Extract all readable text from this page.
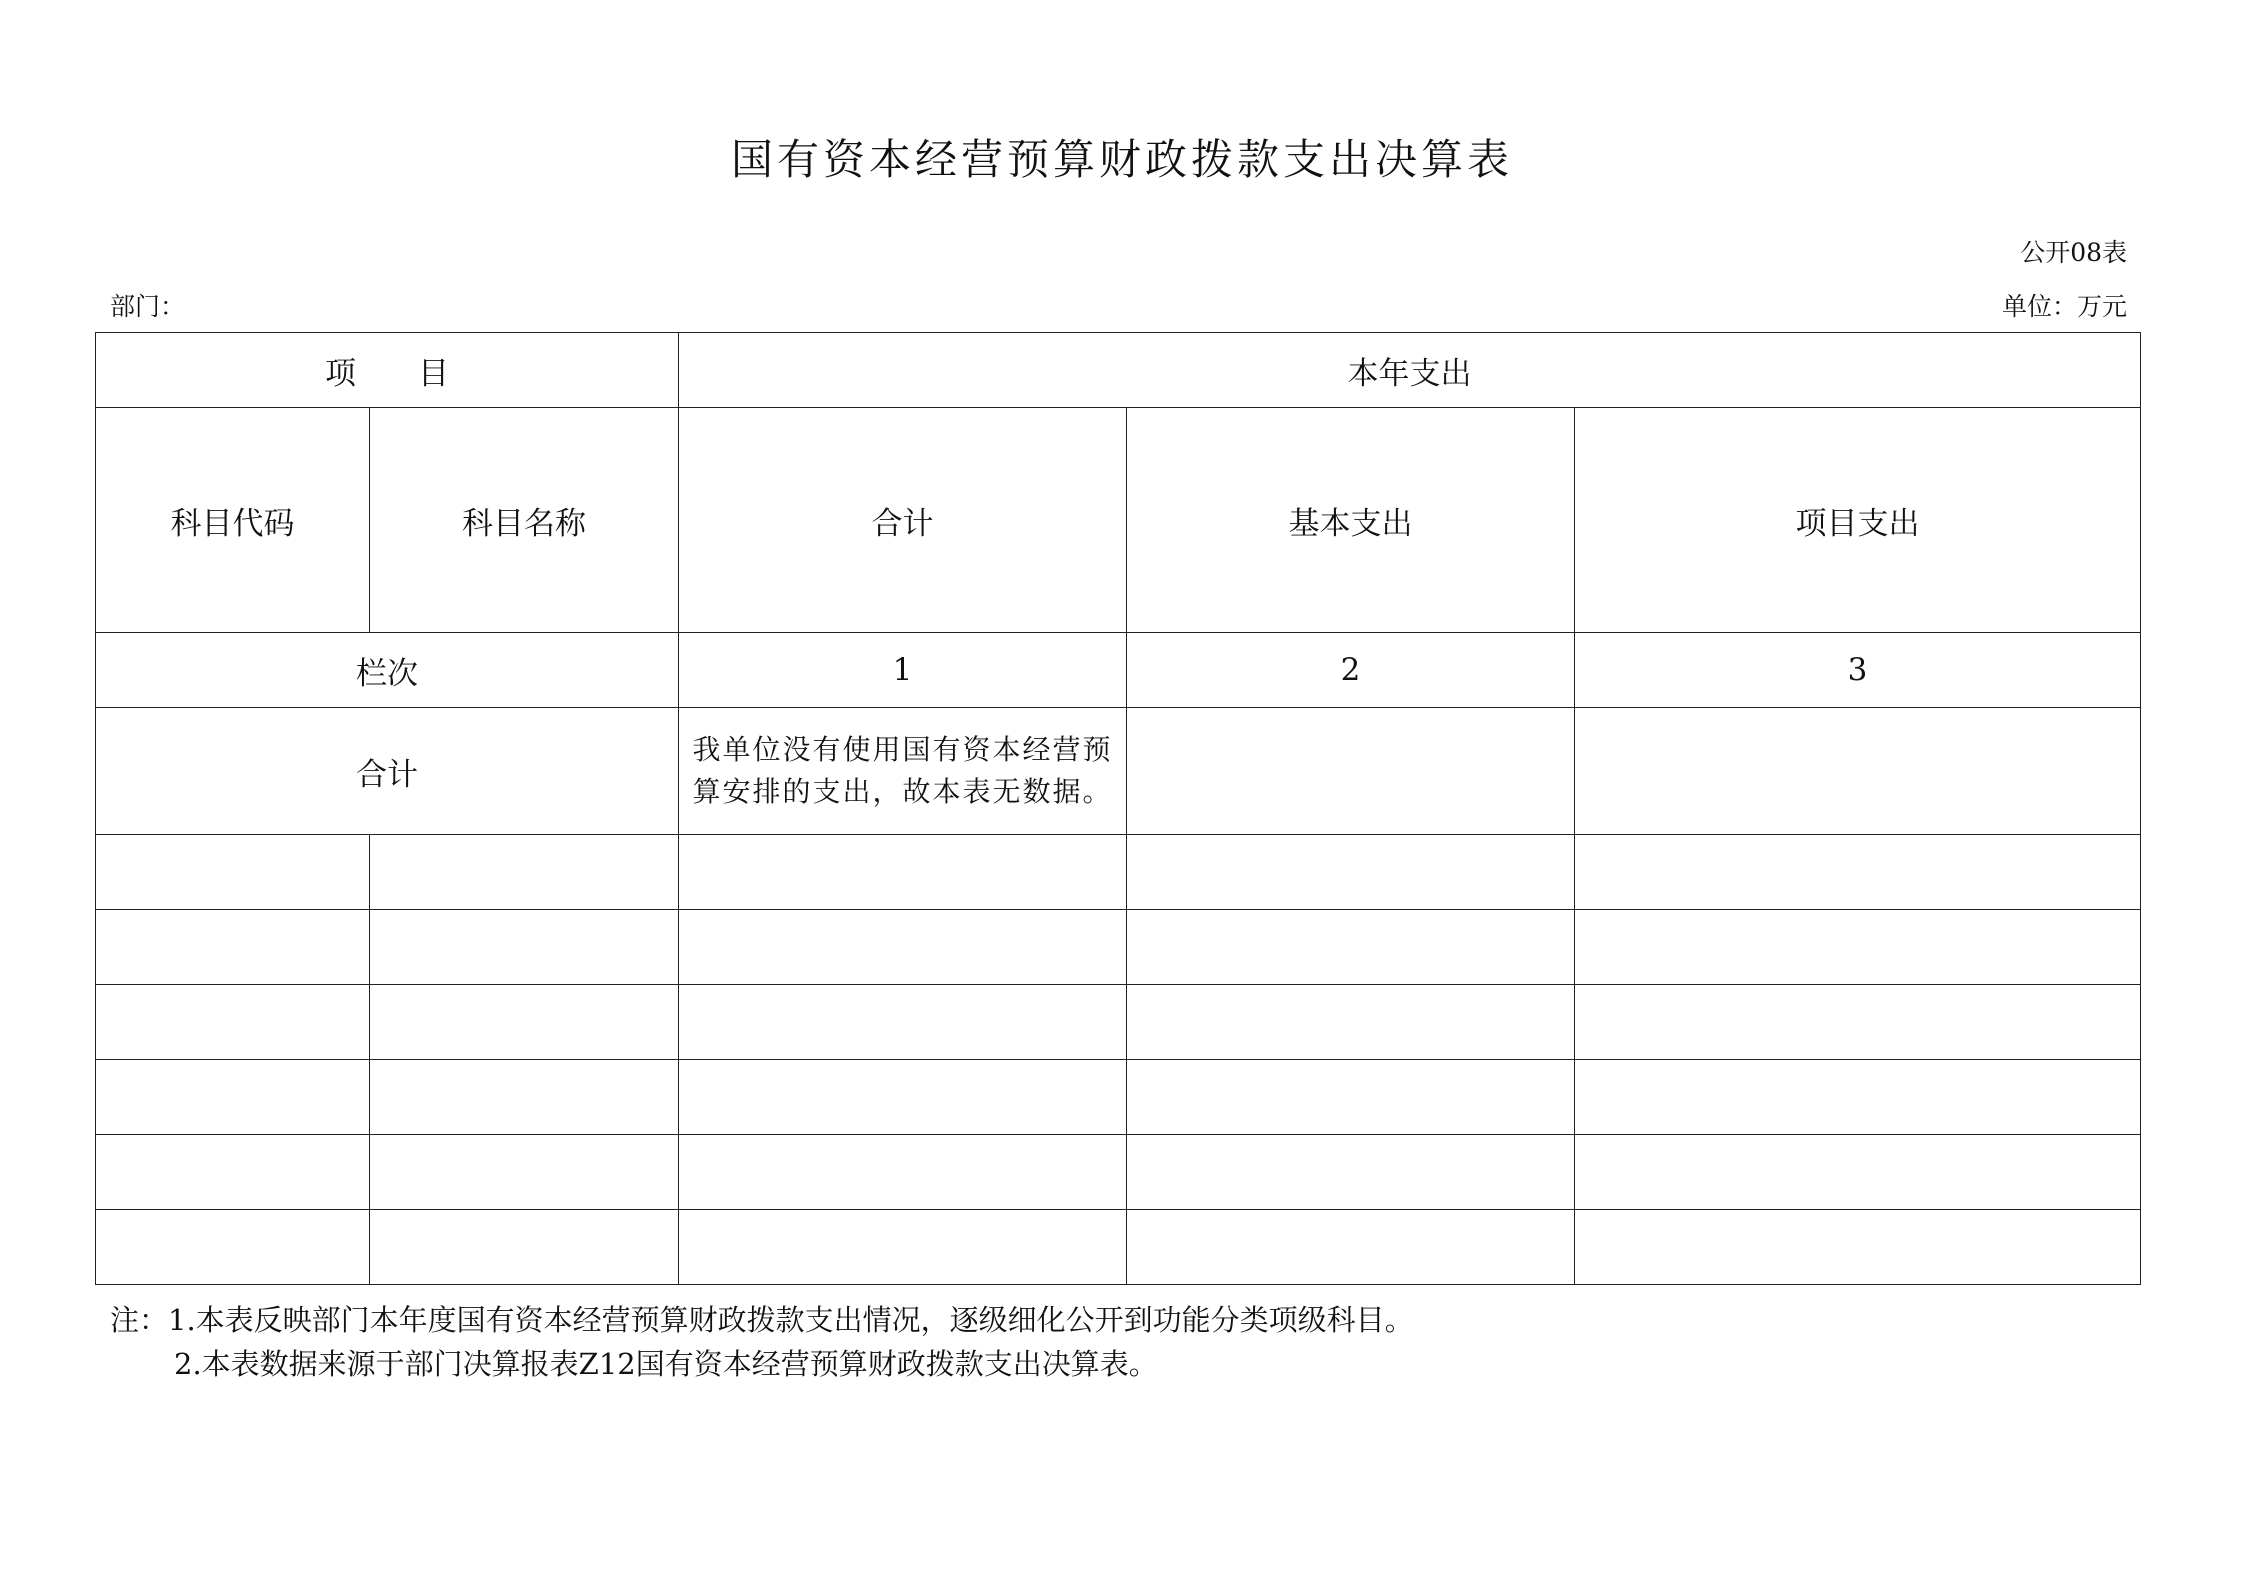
国有资本经营预算财政拨款支出决算表
公开08表
部门：	单位：万元
项　　目		本年支出		
科目代码	科目名称	合计	基本支出	项目支出
栏次		1	2	3
合计		我单位没有使用国有资本经营预算安排的支出，故本表无数据。		

注：1.本表反映部门本年度国有资本经营预算财政拨款支出情况，逐级细化公开到功能分类项级科目。
2.本表数据来源于部门决算报表Z12国有资本经营预算财政拨款支出决算表。
